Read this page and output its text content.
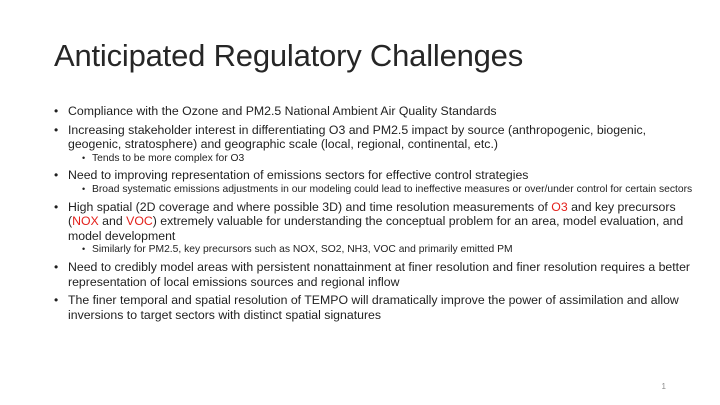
Anticipated Regulatory Challenges
• Compliance with the Ozone and PM2.5 National Ambient Air Quality Standards
• Increasing stakeholder interest in differentiating O3 and PM2.5 impact by source (anthropogenic, biogenic, geogenic, stratosphere) and geographic scale (local, regional, continental, etc.)
• Tends to be more complex for O3
• Need to improving representation of emissions sectors for effective control strategies
• Broad systematic emissions adjustments in our modeling could lead to ineffective measures or over/under control for certain sectors
• High spatial (2D coverage and where possible 3D) and time resolution measurements of O3 and key precursors (NOX and VOC) extremely valuable for understanding the conceptual problem for an area, model evaluation, and model development
• Similarly for PM2.5, key precursors such as NOX, SO2, NH3, VOC and primarily emitted PM
• Need to credibly model areas with persistent nonattainment at finer resolution and finer resolution requires a better representation of local emissions sources and regional inflow
• The finer temporal and spatial resolution of TEMPO will dramatically improve the power of assimilation and allow inversions to target sectors with distinct spatial signatures
1
